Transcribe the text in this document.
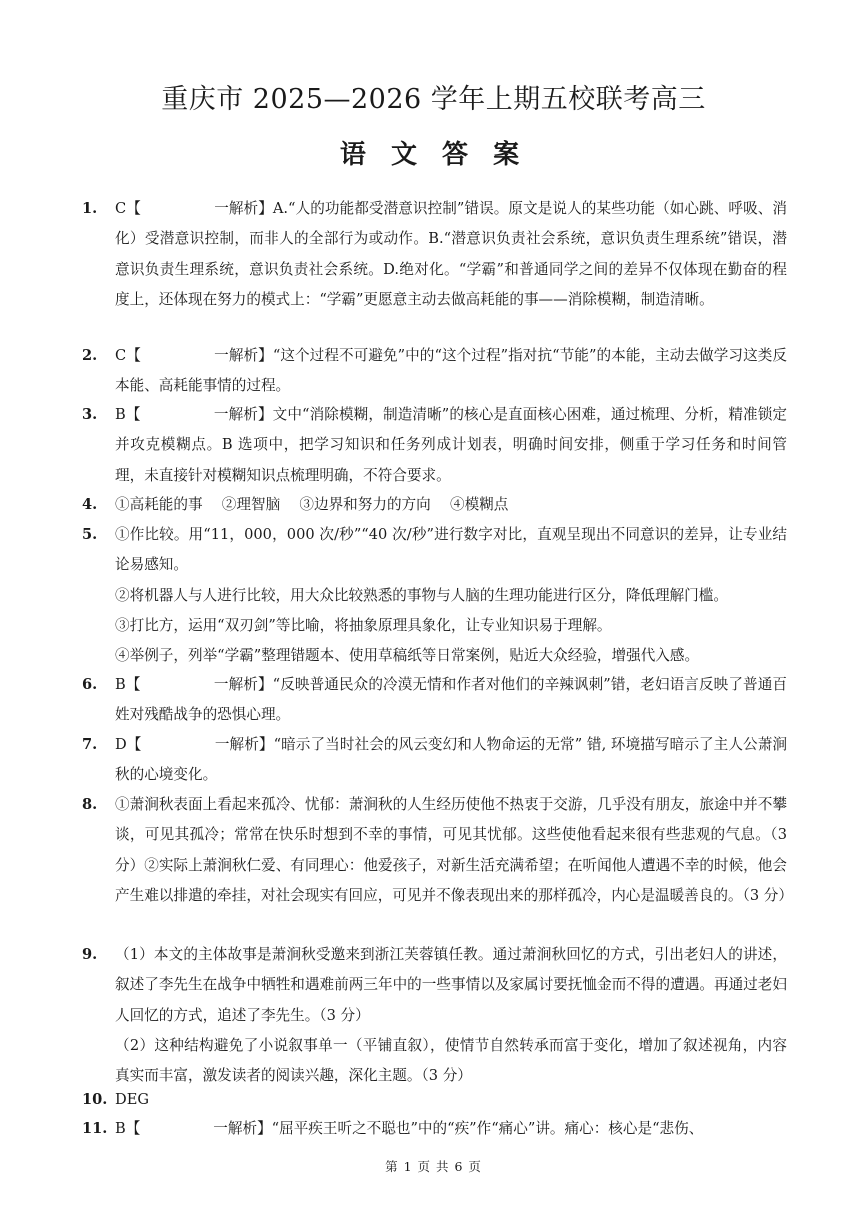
重庆市 2025—2026 学年上期五校联考高三
语 文 答 案
1. C【　　　　　一解析】A.“人的功能都受潜意识控制”错误。原文是说人的某些功能（如心跳、呼吸、消化）受潜意识控制，而非人的全部行为或动作。B.“潜意识负责社会系统，意识负责生理系统”错误，潜意识负责生理系统，意识负责社会系统。D.绝对化。“学霸”和普通同学之间的差异不仅体现在勤奋的程度上，还体现在努力的模式上：“学霸”更愿意主动去做高耗能的事——消除模糊，制造清晰。

2. C【　　　　　一解析】“这个过程不可避免”中的“这个过程”指对抗“节能”的本能，主动去做学习这类反本能、高耗能事情的过程。

3. B【　　　　　一解析】文中“消除模糊，制造清晰”的核心是直面核心困难，通过梳理、分析，精准锁定并攻克模糊点。B 选项中，把学习知识和任务列成计划表，明确时间安排，侧重于学习任务和时间管理，未直接针对模糊知识点梳理明确，不符合要求。

4. ①高耗能的事　 ②理智脑　 ③边界和努力的方向　 ④模糊点

5. ①作比较。用“11，000，000 次/秒”“40 次/秒”进行数字对比，直观呈现出不同意识的差异，让专业结论易感知。

②将机器人与人进行比较，用大众比较熟悉的事物与人脑的生理功能进行区分，降低理解门槛。

③打比方，运用“双刃剑”等比喻，将抽象原理具象化，让专业知识易于理解。

④举例子，列举“学霸”整理错题本、使用草稿纸等日常案例，贴近大众经验，增强代入感。

6. B【　　　　　一解析】“反映普通民众的冷漠无情和作者对他们的辛辣讽刺”错，老妇语言反映了普通百姓对残酷战争的恐惧心理。

7. D【　　　　　一解析】“暗示了当时社会的风云变幻和人物命运的无常” 错, 环境描写暗示了主人公萧涧秋的心境变化。

8. ①萧涧秋表面上看起来孤冷、忧郁：萧涧秋的人生经历使他不热衷于交游，几乎没有朋友，旅途中并不攀谈，可见其孤冷；常常在快乐时想到不幸的事情，可见其忧郁。这些使他看起来很有些悲观的气息。（3 分）②实际上萧涧秋仁爱、有同理心：他爱孩子，对新生活充满希望；在听闻他人遭遇不幸的时候，他会产生难以排遣的牵挂，对社会现实有回应，可见并不像表现出来的那样孤冷，内心是温暖善良的。（3 分）

9. （1）本文的主体故事是萧涧秋受邀来到浙江芙蓉镇任教。通过萧涧秋回忆的方式，引出老妇人的讲述，叙述了李先生在战争中牺牲和遇难前两三年中的一些事情以及家属讨要抚恤金而不得的遭遇。再通过老妇人回忆的方式，追述了李先生。（3 分）

（2）这种结构避免了小说叙事单一（平铺直叙），使情节自然转承而富于变化，增加了叙述视角，内容真实而丰富，激发读者的阅读兴趣，深化主题。（3 分）

10. DEG

11. B【　　　　　一解析】“屈平疾王听之不聪也”中的“疾”作“痛心”讲。痛心：核心是“悲伤、

第 1 页 共 6 页
